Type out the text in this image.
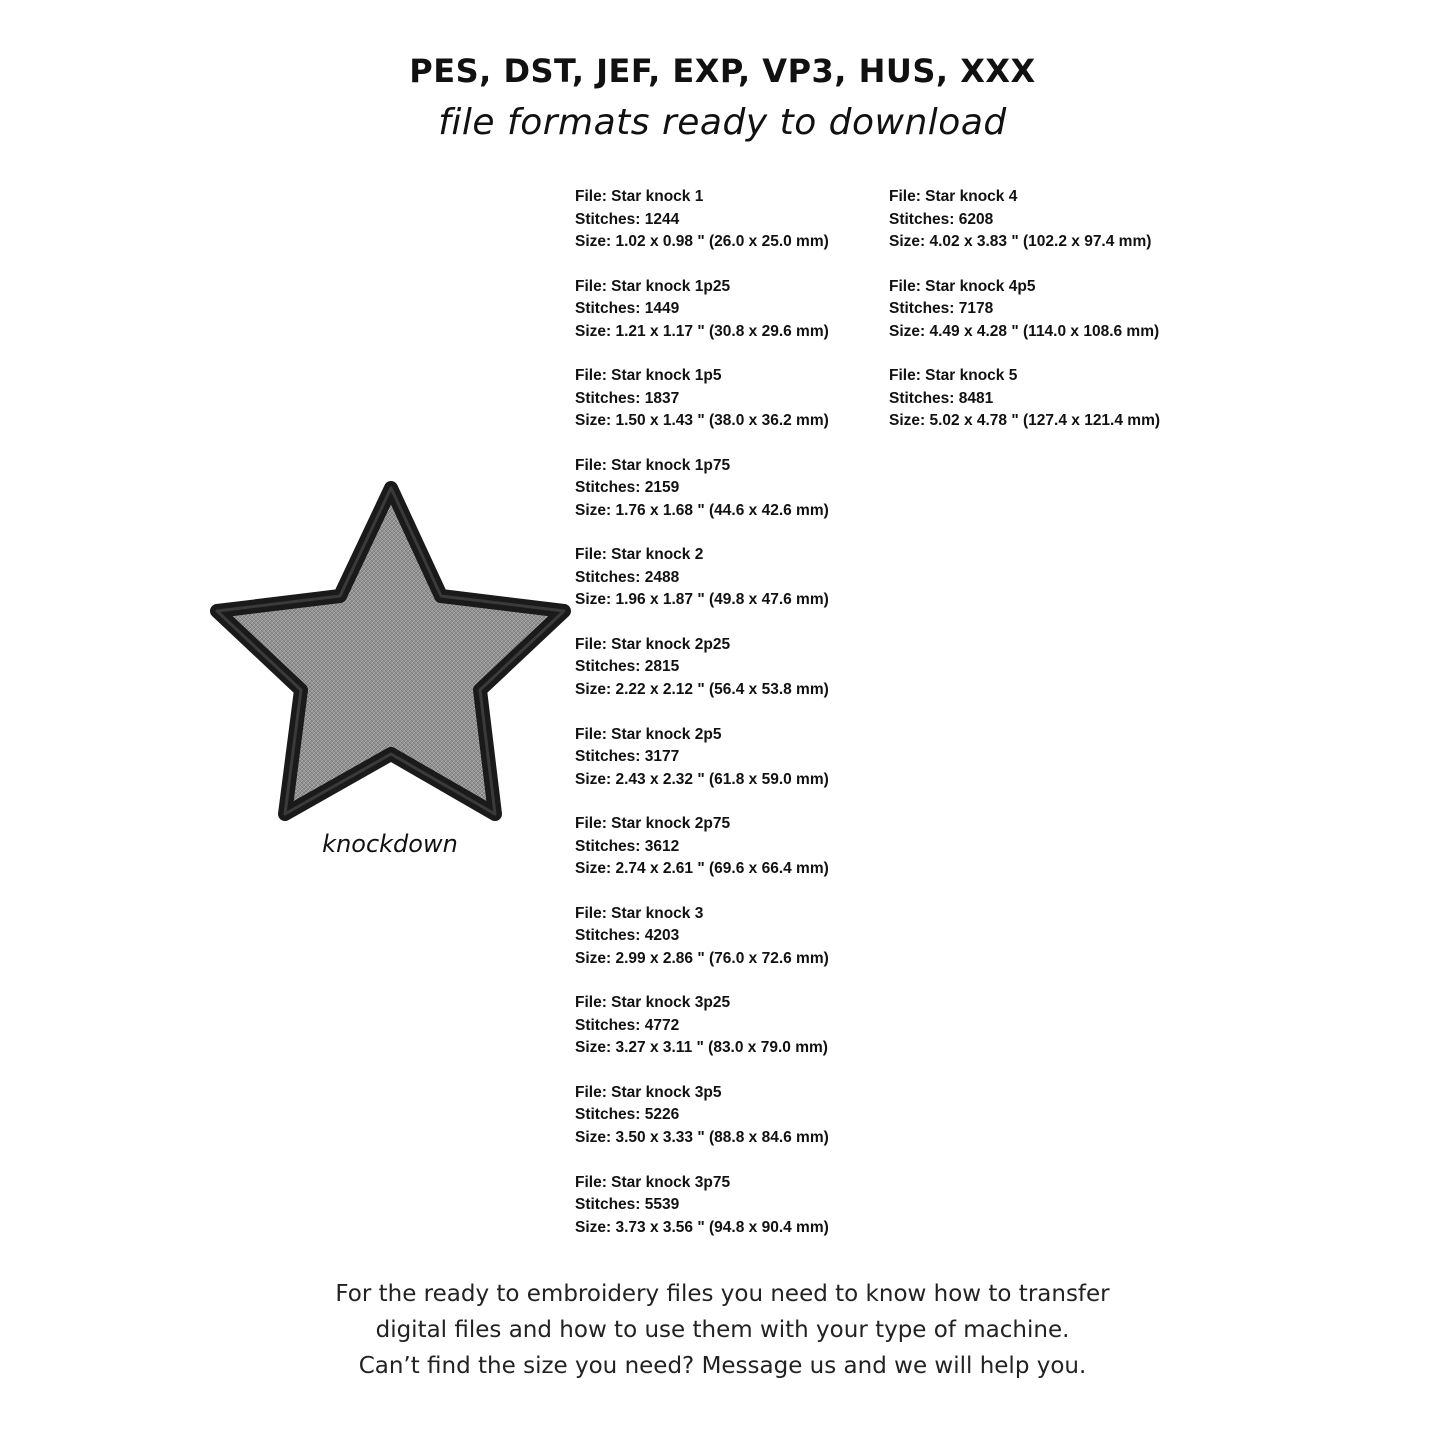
PES, DST, JEF, EXP, VP3, HUS, XXX
file formats ready to download
knockdown
File: Star knock 1
Stitches: 1244
Size: 1.02 x 0.98 " (26.0 x 25.0 mm)
File: Star knock 1p25
Stitches: 1449
Size: 1.21 x 1.17 " (30.8 x 29.6 mm)
File: Star knock 1p5
Stitches: 1837
Size: 1.50 x 1.43 " (38.0 x 36.2 mm)
File: Star knock 1p75
Stitches: 2159
Size: 1.76 x 1.68 " (44.6 x 42.6 mm)
File: Star knock 2
Stitches: 2488
Size: 1.96 x 1.87 " (49.8 x 47.6 mm)
File: Star knock 2p25
Stitches: 2815
Size: 2.22 x 2.12 " (56.4 x 53.8 mm)
File: Star knock 2p5
Stitches: 3177
Size: 2.43 x 2.32 " (61.8 x 59.0 mm)
File: Star knock 2p75
Stitches: 3612
Size: 2.74 x 2.61 " (69.6 x 66.4 mm)
File: Star knock 3
Stitches: 4203
Size: 2.99 x 2.86 " (76.0 x 72.6 mm)
File: Star knock 3p25
Stitches: 4772
Size: 3.27 x 3.11 " (83.0 x 79.0 mm)
File: Star knock 3p5
Stitches: 5226
Size: 3.50 x 3.33 " (88.8 x 84.6 mm)
File: Star knock 3p75
Stitches: 5539
Size: 3.73 x 3.56 " (94.8 x 90.4 mm)
File: Star knock 4
Stitches: 6208
Size: 4.02 x 3.83 " (102.2 x 97.4 mm)
File: Star knock 4p5
Stitches: 7178
Size: 4.49 x 4.28 " (114.0 x 108.6 mm)
File: Star knock 5
Stitches: 8481
Size: 5.02 x 4.78 " (127.4 x 121.4 mm)
For the ready to embroidery files you need to know how to transfer
digital files and how to use them with your type of machine.
Can’t find the size you need? Message us and we will help you.
